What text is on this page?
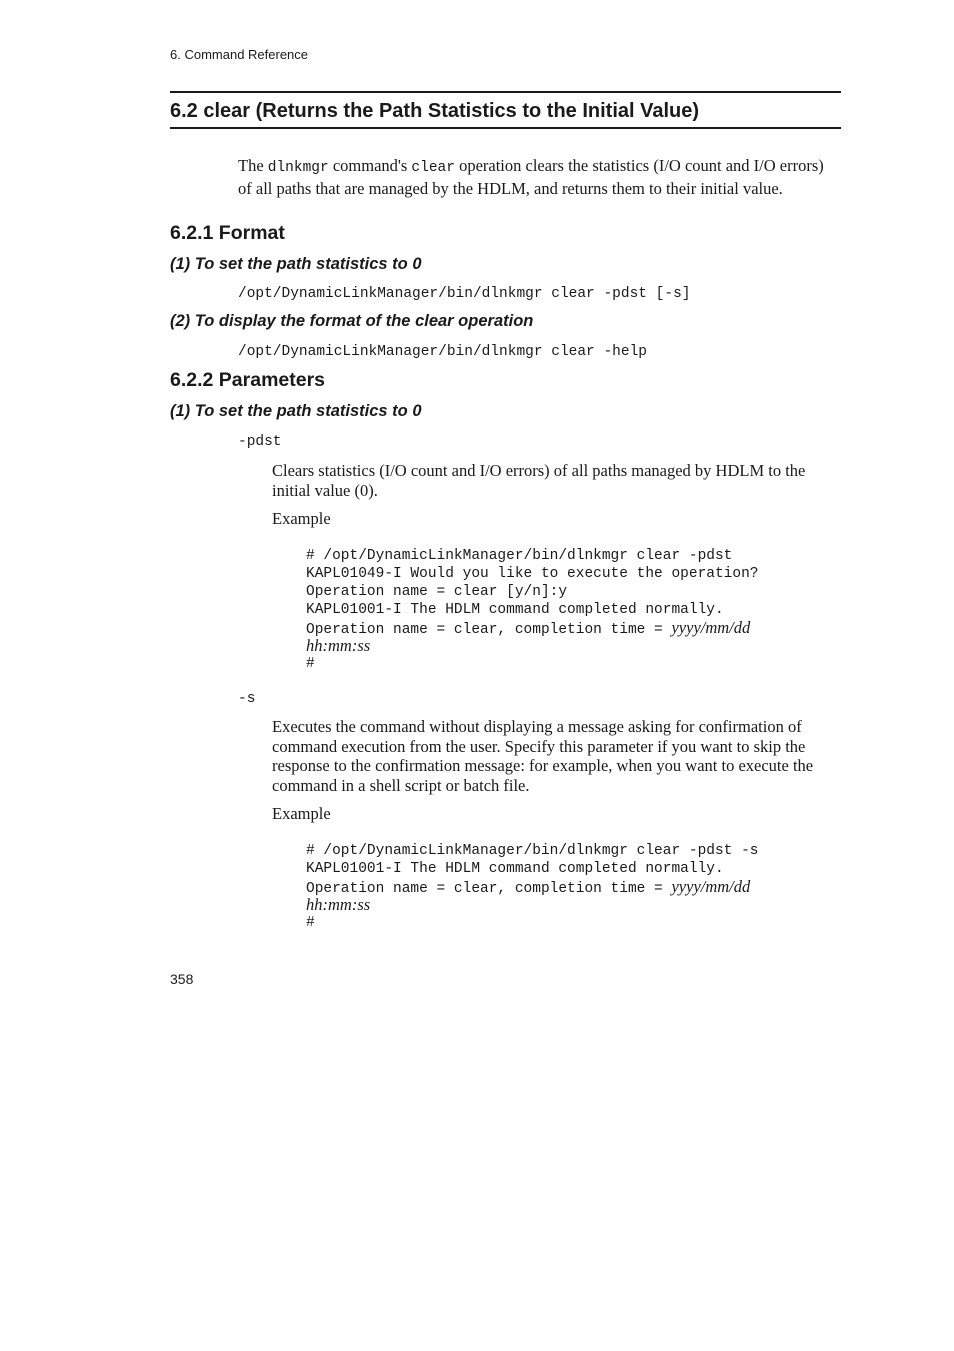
6. Command Reference
6.2 clear (Returns the Path Statistics to the Initial Value)
The dlnkmgr command's clear operation clears the statistics (I/O count and I/O errors) of all paths that are managed by the HDLM, and returns them to their initial value.
6.2.1 Format
(1) To set the path statistics to 0
/opt/DynamicLinkManager/bin/dlnkmgr clear -pdst [-s]
(2) To display the format of the clear operation
/opt/DynamicLinkManager/bin/dlnkmgr clear -help
6.2.2 Parameters
(1) To set the path statistics to 0
-pdst
Clears statistics (I/O count and I/O errors) of all paths managed by HDLM to the initial value (0).
Example
# /opt/DynamicLinkManager/bin/dlnkmgr clear -pdst
KAPL01049-I Would you like to execute the operation?
Operation name = clear [y/n]:y
KAPL01001-I The HDLM command completed normally.
Operation name = clear, completion time = yyyy/mm/dd
hh:mm:ss
#
-s
Executes the command without displaying a message asking for confirmation of command execution from the user. Specify this parameter if you want to skip the response to the confirmation message: for example, when you want to execute the command in a shell script or batch file.
Example
# /opt/DynamicLinkManager/bin/dlnkmgr clear -pdst -s
KAPL01001-I The HDLM command completed normally.
Operation name = clear, completion time = yyyy/mm/dd
hh:mm:ss
#
358
